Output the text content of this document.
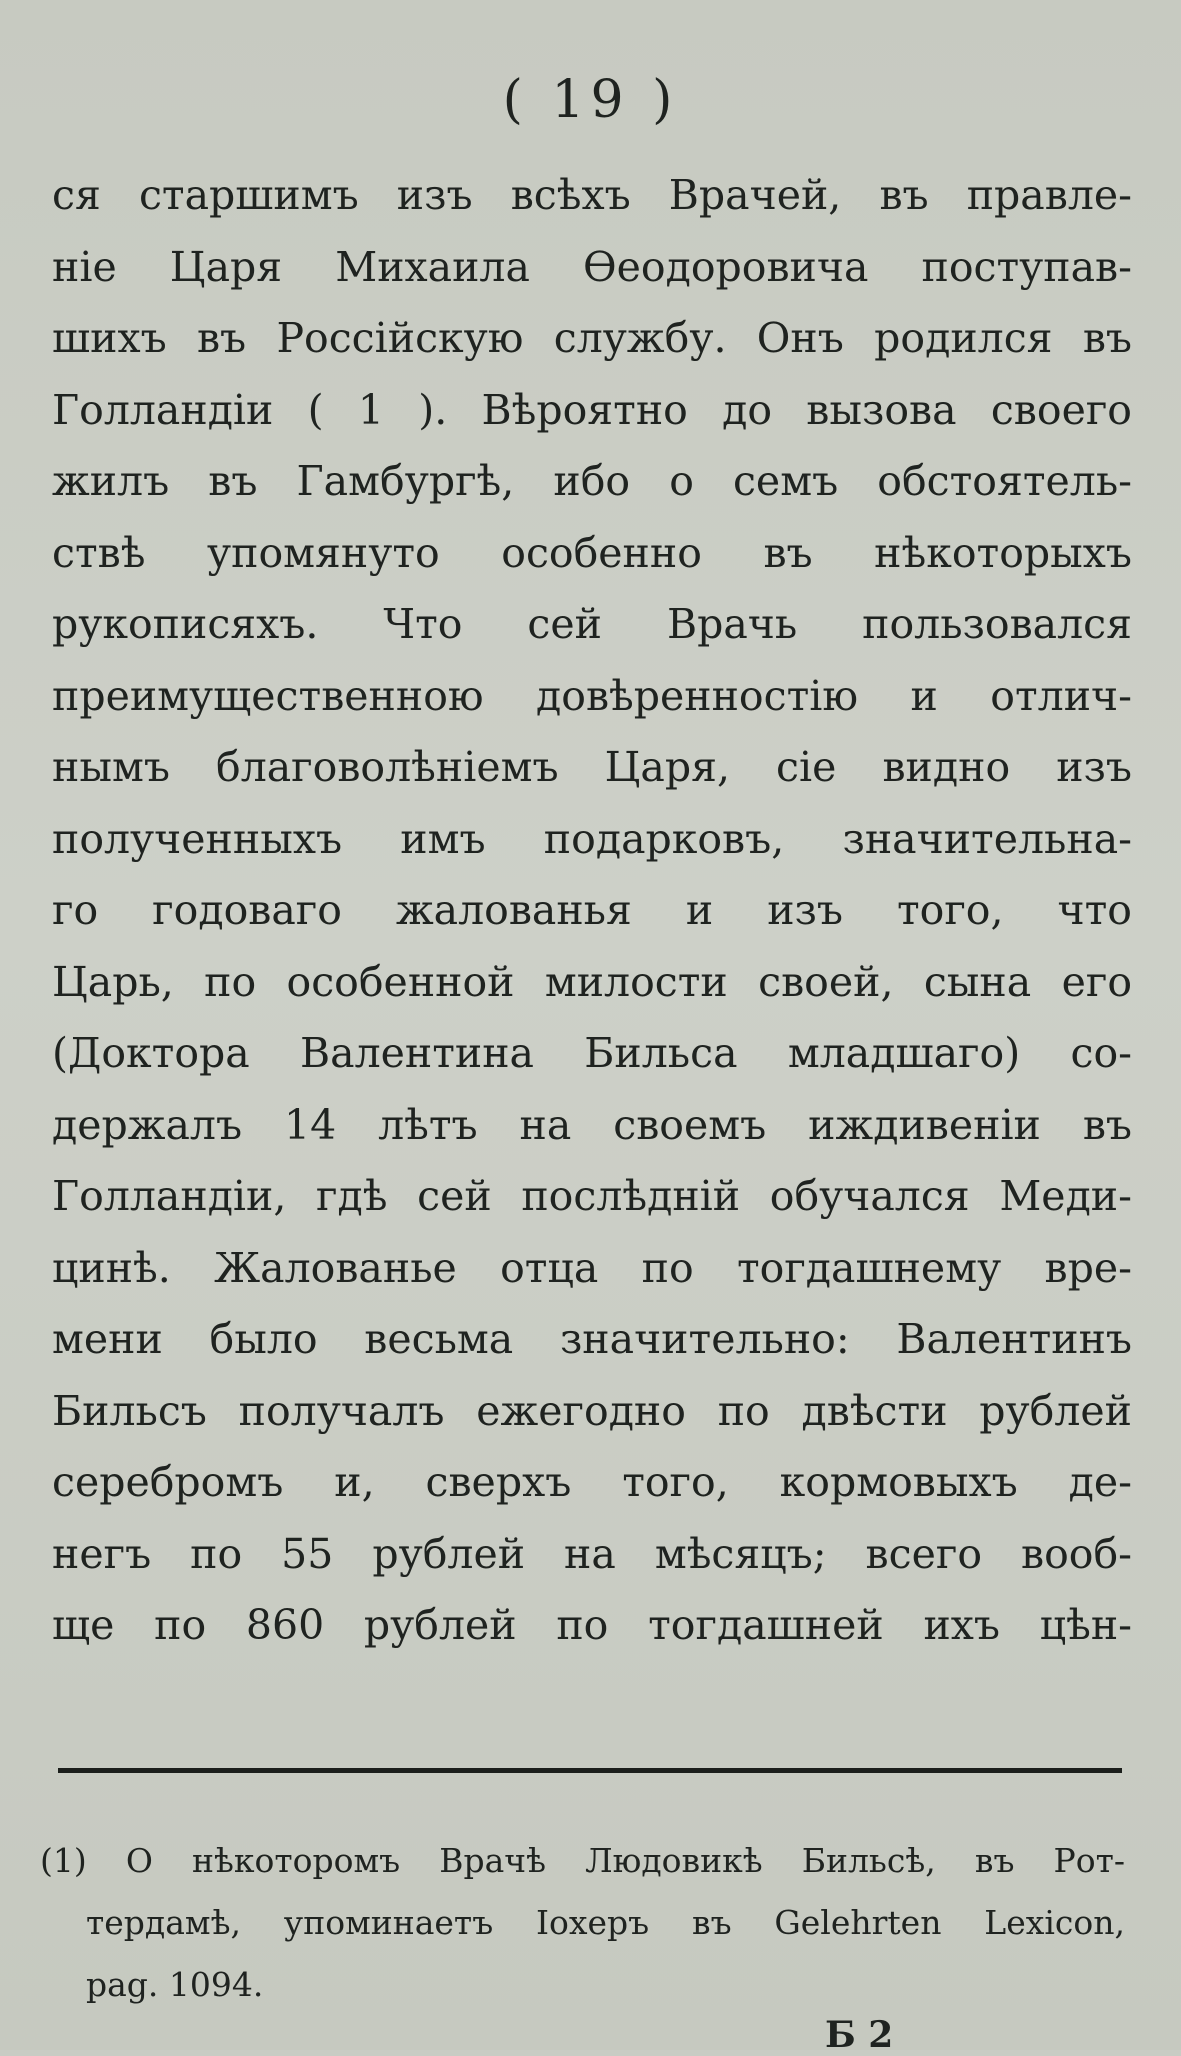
( 19 )
ся старшимъ изъ всѣхъ Врачей, въ правле-
ніе Царя Михаила Ѳеодоровича поступав-
шихъ въ Россійскую службу. Онъ родился въ
Голландіи ( 1 ). Вѣроятно до вызова своего
жилъ въ Гамбургѣ, ибо о семъ обстоятель-
ствѣ упомянуто особенно въ нѣкоторыхъ
рукописяхъ. Что сей Врачь пользовался
преимущественною довѣренностію и отлич-
нымъ благоволѣніемъ Царя, сіе видно изъ
полученныхъ имъ подарковъ, значительна-
го годоваго жалованья и изъ того, что
Царь, по особенной милости своей, сына его
(Доктора Валентина Бильса младшаго) со-
держалъ 14 лѣтъ на своемъ иждивеніи въ
Голландіи, гдѣ сей послѣдній обучался Меди-
цинѣ. Жалованье отца по тогдашнему вре-
мени было весьма значительно: Валентинъ
Бильсъ получалъ ежегодно по двѣсти рублей
серебромъ и, сверхъ того, кормовыхъ де-
негъ по 55 рублей на мѣсяцъ; всего вооб-
ще по 860 рублей по тогдашней ихъ цѣн-
(1) О нѣкоторомъ Врачѣ Людовикѣ Бильсѣ, въ Рот-
тердамѣ, упоминаетъ Іохеръ въ Gelehrten Lexicon,
pag. 1094.
Б 2
